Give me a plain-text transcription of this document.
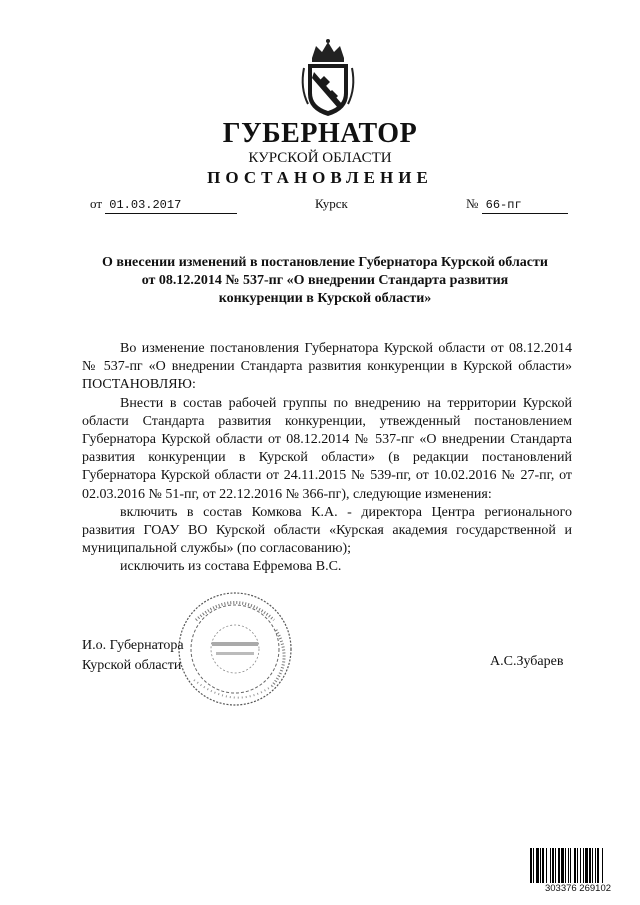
ГУБЕРНАТОР
КУРСКОЙ ОБЛАСТИ
ПОСТАНОВЛЕНИЕ
от 01.03.2017	Курск	№ 66-пг
О внесении изменений в постановление Губернатора Курской области
от 08.12.2014 № 537-пг «О внедрении Стандарта развития
конкуренции в Курской области»

Во изменение постановления Губернатора Курской области от 08.12.2014 № 537-пг «О внедрении Стандарта развития конкуренции в Курской области» ПОСТАНОВЛЯЮ:

Внести в состав рабочей группы по внедрению на территории Курской области Стандарта развития конкуренции, утвежденный постановлением Губернатора Курской области от 08.12.2014 № 537-пг «О внедрении Стандарта развития конкуренции в Курской области» (в редакции постановлений Губернатора Курской области от 24.11.2015 № 539-пг, от 10.02.2016 № 27-пг, от 02.03.2016 № 51-пг, от 22.12.2016 № 366-пг), следующие изменения:

включить в состав Комкова К.А. - директора Центра регионального развития ГОАУ ВО Курской области «Курская академия государственной и муниципальной службы» (по согласованию);

исключить из состава Ефремова В.С.

И.о. Губернатора
Курской области	А.С.Зубарев
303376 269102
